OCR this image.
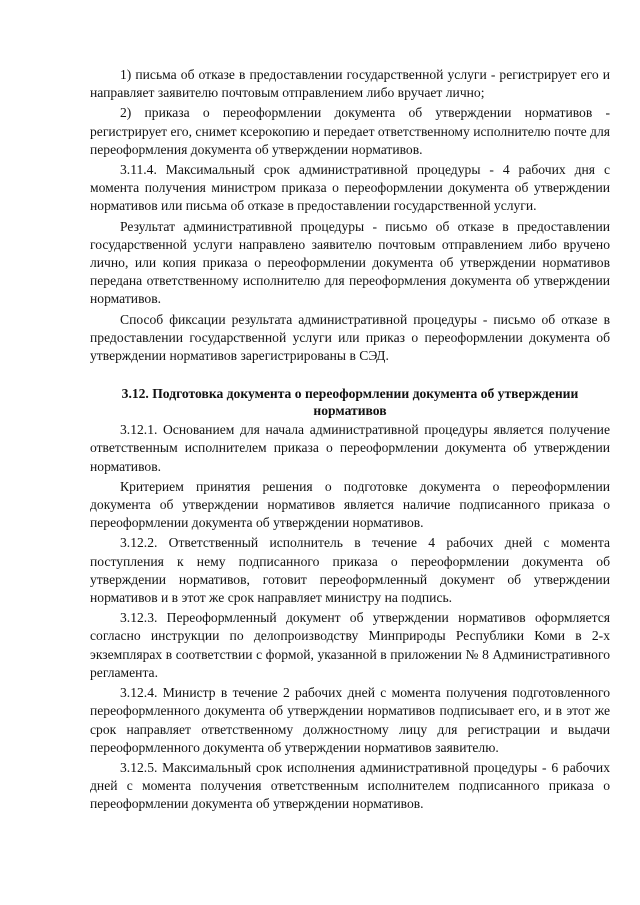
1) письма об отказе в предоставлении государственной услуги - регистрирует его и направляет заявителю почтовым отправлением либо вручает лично;

2) приказа о переоформлении документа об утверждении нормативов - регистрирует его, снимет ксерокопию и передает ответственному исполнителю почте для переоформления документа об утверждении нормативов.

3.11.4. Максимальный срок административной процедуры - 4 рабочих дня с момента получения министром приказа о переоформлении документа об утверждении нормативов или письма об отказе в предоставлении государственной услуги.

Результат административной процедуры - письмо об отказе в предоставлении государственной услуги направлено заявителю почтовым отправлением либо вручено лично, или копия приказа о переоформлении документа об утверждении нормативов передана ответственному исполнителю для переоформления документа об утверждении нормативов.

Способ фиксации результата административной процедуры - письмо об отказе в предоставлении государственной услуги или приказ о переоформлении документа об утверждении нормативов зарегистрированы в СЭД.

3.12. Подготовка документа о переоформлении документа об утверждении нормативов

3.12.1. Основанием для начала административной процедуры является получение ответственным исполнителем приказа о переоформлении документа об утверждении нормативов.

Критерием принятия решения о подготовке документа о переоформлении документа об утверждении нормативов является наличие подписанного приказа о переоформлении документа об утверждении нормативов.

3.12.2. Ответственный исполнитель в течение 4 рабочих дней с момента поступления к нему подписанного приказа о переоформлении документа об утверждении нормативов, готовит переоформленный документ об утверждении нормативов и в этот же срок направляет министру на подпись.

3.12.3. Переоформленный документ об утверждении нормативов оформляется согласно инструкции по делопроизводству Минприроды Республики Коми в 2-х экземплярах в соответствии с формой, указанной в приложении № 8 Административного регламента.

3.12.4. Министр в течение 2 рабочих дней с момента получения подготовленного переоформленного документа об утверждении нормативов подписывает его, и в этот же срок направляет ответственному должностному лицу для регистрации и выдачи переоформленного документа об утверждении нормативов заявителю.

3.12.5. Максимальный срок исполнения административной процедуры - 6 рабочих дней с момента получения ответственным исполнителем подписанного приказа о переоформлении документа об утверждении нормативов.
